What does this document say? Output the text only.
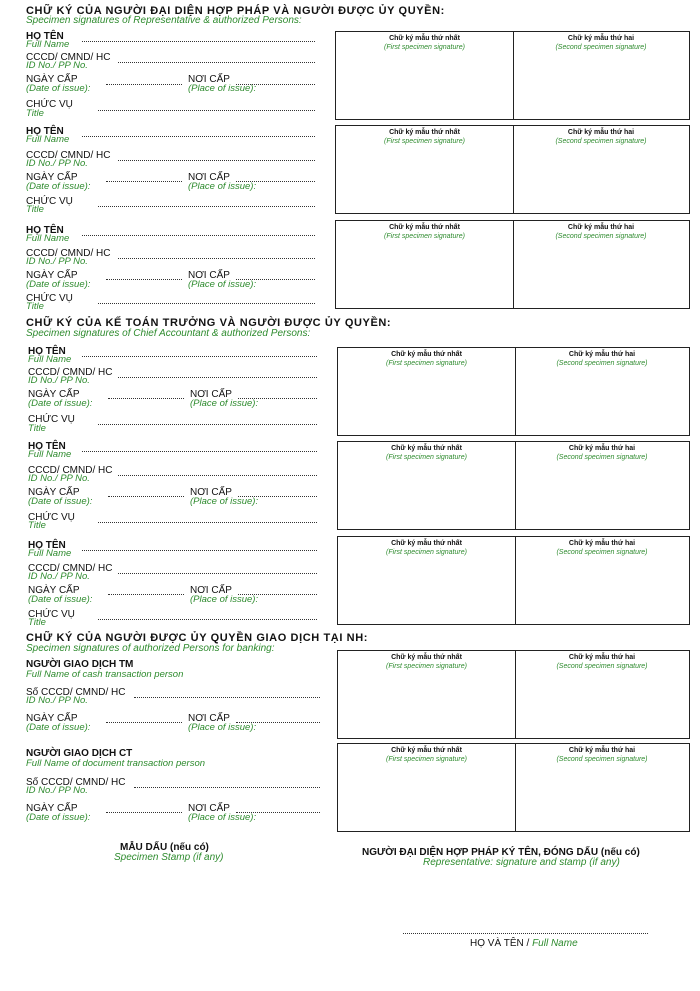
CHỮ KÝ CỦA NGƯỜI ĐẠI DIỆN HỢP PHÁP VÀ NGƯỜI ĐƯỢC ỦY QUYỀN:
Specimen signatures of Representative & authorized Persons:
HỌ TÊN
Full Name
CCCD/ CMND/ HC
ID No./ PP No.
NGÀY CẤP
(Date of issue):
NƠI CẤP
(Place of issue):
CHỨC VỤ
Title
Chữ ký mẫu thứ nhất
(First specimen signature)
Chữ ký mẫu thứ hai
(Second specimen signature)
HỌ TÊN
Full Name
CCCD/ CMND/ HC
ID No./ PP No.
NGÀY CẤP
(Date of issue):
NƠI CẤP
(Place of issue):
CHỨC VỤ
Title
Chữ ký mẫu thứ nhất
(First specimen signature)
Chữ ký mẫu thứ hai
(Second specimen signature)
HỌ TÊN
Full Name
CCCD/ CMND/ HC
ID No./ PP No.
NGÀY CẤP
(Date of issue):
NƠI CẤP
(Place of issue):
CHỨC VỤ
Title
Chữ ký mẫu thứ nhất
(First specimen signature)
Chữ ký mẫu thứ hai
(Second specimen signature)
CHỮ KÝ CỦA KẾ TOÁN TRƯỞNG VÀ NGƯỜI ĐƯỢC ỦY QUYỀN:
Specimen signatures of Chief Accountant & authorized Persons:
HỌ TÊN
Full Name
CCCD/ CMND/ HC
ID No./ PP No.
NGÀY CẤP
(Date of issue):
NƠI CẤP
(Place of issue):
CHỨC VỤ
Title
Chữ ký mẫu thứ nhất
(First specimen signature)
Chữ ký mẫu thứ hai
(Second specimen signature)
HỌ TÊN
Full Name
CCCD/ CMND/ HC
ID No./ PP No.
NGÀY CẤP
(Date of issue):
NƠI CẤP
(Place of issue):
CHỨC VỤ
Title
Chữ ký mẫu thứ nhất
(First specimen signature)
Chữ ký mẫu thứ hai
(Second specimen signature)
HỌ TÊN
Full Name
CCCD/ CMND/ HC
ID No./ PP No.
NGÀY CẤP
(Date of issue):
NƠI CẤP
(Place of issue):
CHỨC VỤ
Title
Chữ ký mẫu thứ nhất
(First specimen signature)
Chữ ký mẫu thứ hai
(Second specimen signature)
CHỮ KÝ CỦA NGƯỜI ĐƯỢC ỦY QUYỀN GIAO DỊCH TẠI NH:
Specimen signatures of authorized Persons for banking:
NGƯỜI GIAO DỊCH TM
Full Name of cash transaction person
Số CCCD/ CMND/ HC
ID No./ PP No.
NGÀY CẤP
(Date of issue):
NƠI CẤP
(Place of issue):
Chữ ký mẫu thứ nhất
(First specimen signature)
Chữ ký mẫu thứ hai
(Second specimen signature)
NGƯỜI GIAO DỊCH CT
Full Name of document transaction person
Số CCCD/ CMND/ HC
ID No./ PP No.
NGÀY CẤP
(Date of issue):
NƠI CẤP
(Place of issue):
Chữ ký mẫu thứ nhất
(First specimen signature)
Chữ ký mẫu thứ hai
(Second specimen signature)
MẪU DẤU (nếu có)
Specimen Stamp (if any)	NGƯỜI ĐẠI DIỆN HỢP PHÁP KÝ TÊN, ĐÓNG DẤU (nếu có)
Representative: signature and stamp (if any)
HỌ VÀ TÊN / Full Name
